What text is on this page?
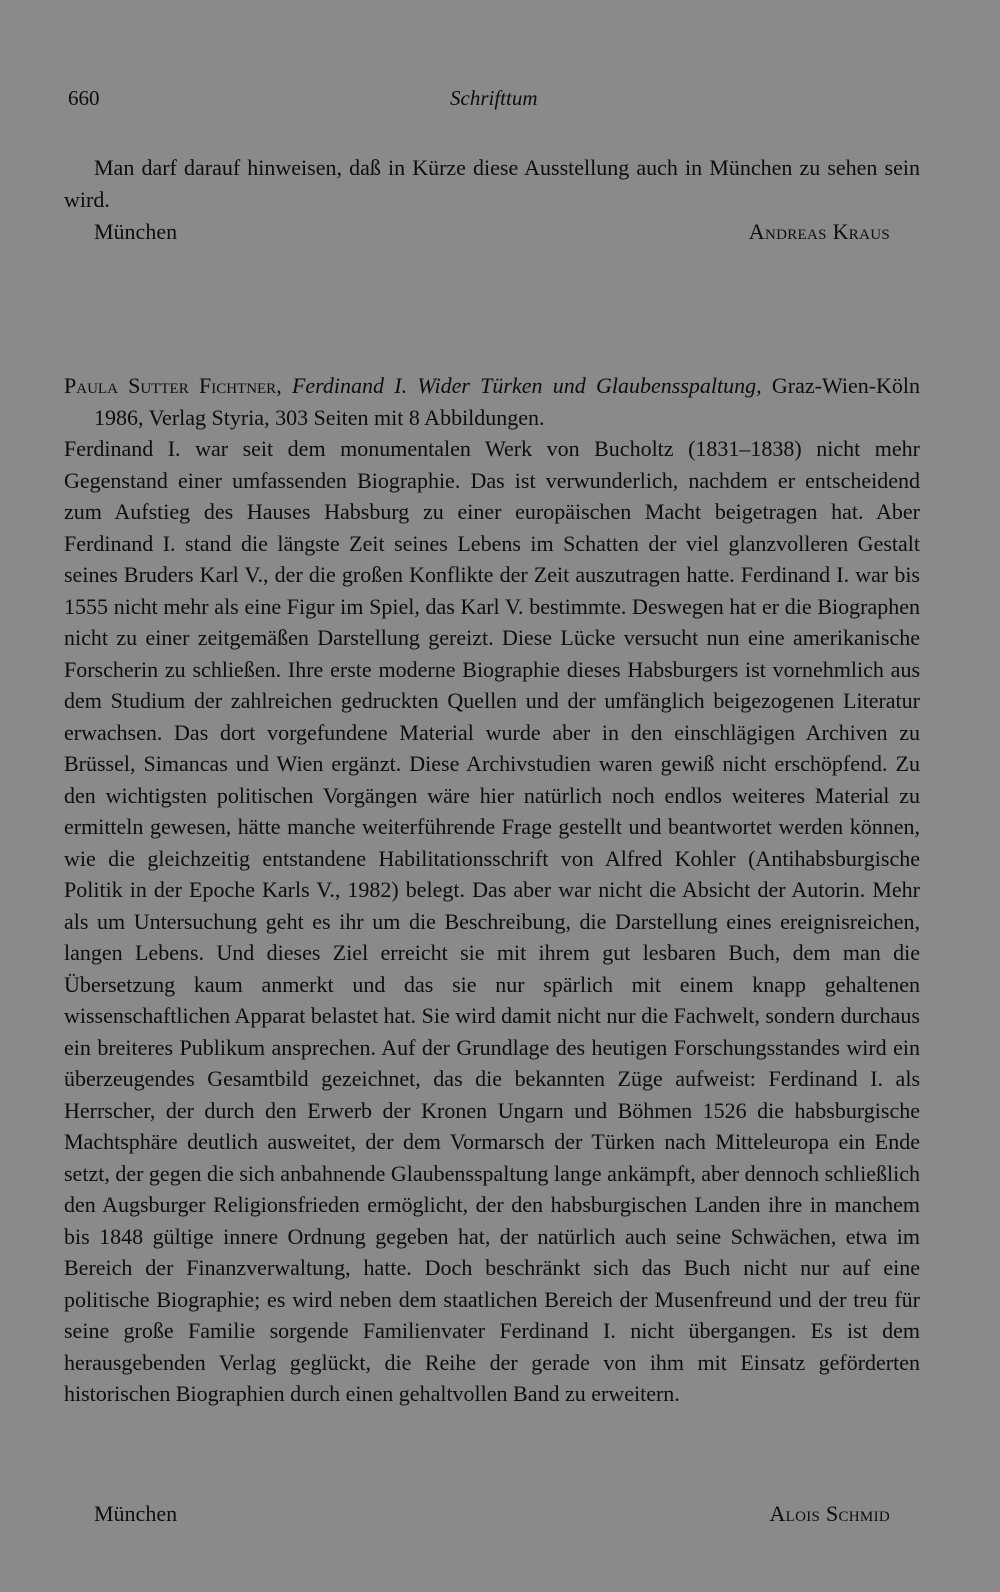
660	Schrifttum

Man darf darauf hinweisen, daß in Kürze diese Ausstellung auch in München zu sehen sein wird.

München	Andreas Kraus

Paula Sutter Fichtner, Ferdinand I. Wider Türken und Glaubensspaltung, Graz-Wien-Köln 1986, Verlag Styria, 303 Seiten mit 8 Abbildungen.

Ferdinand I. war seit dem monumentalen Werk von Bucholtz (1831–1838) nicht mehr Gegenstand einer umfassenden Biographie. Das ist verwunderlich, nachdem er entscheidend zum Aufstieg des Hauses Habsburg zu einer europäischen Macht beigetragen hat. Aber Ferdinand I. stand die längste Zeit seines Lebens im Schatten der viel glanzvolleren Gestalt seines Bruders Karl V., der die großen Konflikte der Zeit auszutragen hatte. Ferdinand I. war bis 1555 nicht mehr als eine Figur im Spiel, das Karl V. bestimmte. Deswegen hat er die Biographen nicht zu einer zeitgemäßen Darstellung gereizt. Diese Lücke versucht nun eine amerikanische Forscherin zu schließen. Ihre erste moderne Biographie dieses Habsburgers ist vornehmlich aus dem Studium der zahlreichen gedruckten Quellen und der umfänglich beigezogenen Literatur erwachsen. Das dort vorgefundene Material wurde aber in den einschlägigen Archiven zu Brüssel, Simancas und Wien ergänzt. Diese Archivstudien waren gewiß nicht erschöpfend. Zu den wichtigsten politischen Vorgängen wäre hier natürlich noch endlos weiteres Material zu ermitteln gewesen, hätte manche weiterführende Frage gestellt und beantwortet werden können, wie die gleichzeitig entstandene Habilitationsschrift von Alfred Kohler (Antihabsburgische Politik in der Epoche Karls V., 1982) belegt. Das aber war nicht die Absicht der Autorin. Mehr als um Untersuchung geht es ihr um die Beschreibung, die Darstellung eines ereignisreichen, langen Lebens. Und dieses Ziel erreicht sie mit ihrem gut lesbaren Buch, dem man die Übersetzung kaum anmerkt und das sie nur spärlich mit einem knapp gehaltenen wissenschaftlichen Apparat belastet hat. Sie wird damit nicht nur die Fachwelt, sondern durchaus ein breiteres Publikum ansprechen. Auf der Grundlage des heutigen Forschungsstandes wird ein überzeugendes Gesamtbild gezeichnet, das die bekannten Züge aufweist: Ferdinand I. als Herrscher, der durch den Erwerb der Kronen Ungarn und Böhmen 1526 die habsburgische Machtsphäre deutlich ausweitet, der dem Vormarsch der Türken nach Mitteleuropa ein Ende setzt, der gegen die sich anbahnende Glaubensspaltung lange ankämpft, aber dennoch schließlich den Augsburger Religionsfrieden ermöglicht, der den habsburgischen Landen ihre in manchem bis 1848 gültige innere Ordnung gegeben hat, der natürlich auch seine Schwächen, etwa im Bereich der Finanzverwaltung, hatte. Doch beschränkt sich das Buch nicht nur auf eine politische Biographie; es wird neben dem staatlichen Bereich der Musenfreund und der treu für seine große Familie sorgende Familienvater Ferdinand I. nicht übergangen. Es ist dem herausgebenden Verlag geglückt, die Reihe der gerade von ihm mit Einsatz geförderten historischen Biographien durch einen gehaltvollen Band zu erweitern.

München	Alois Schmid
